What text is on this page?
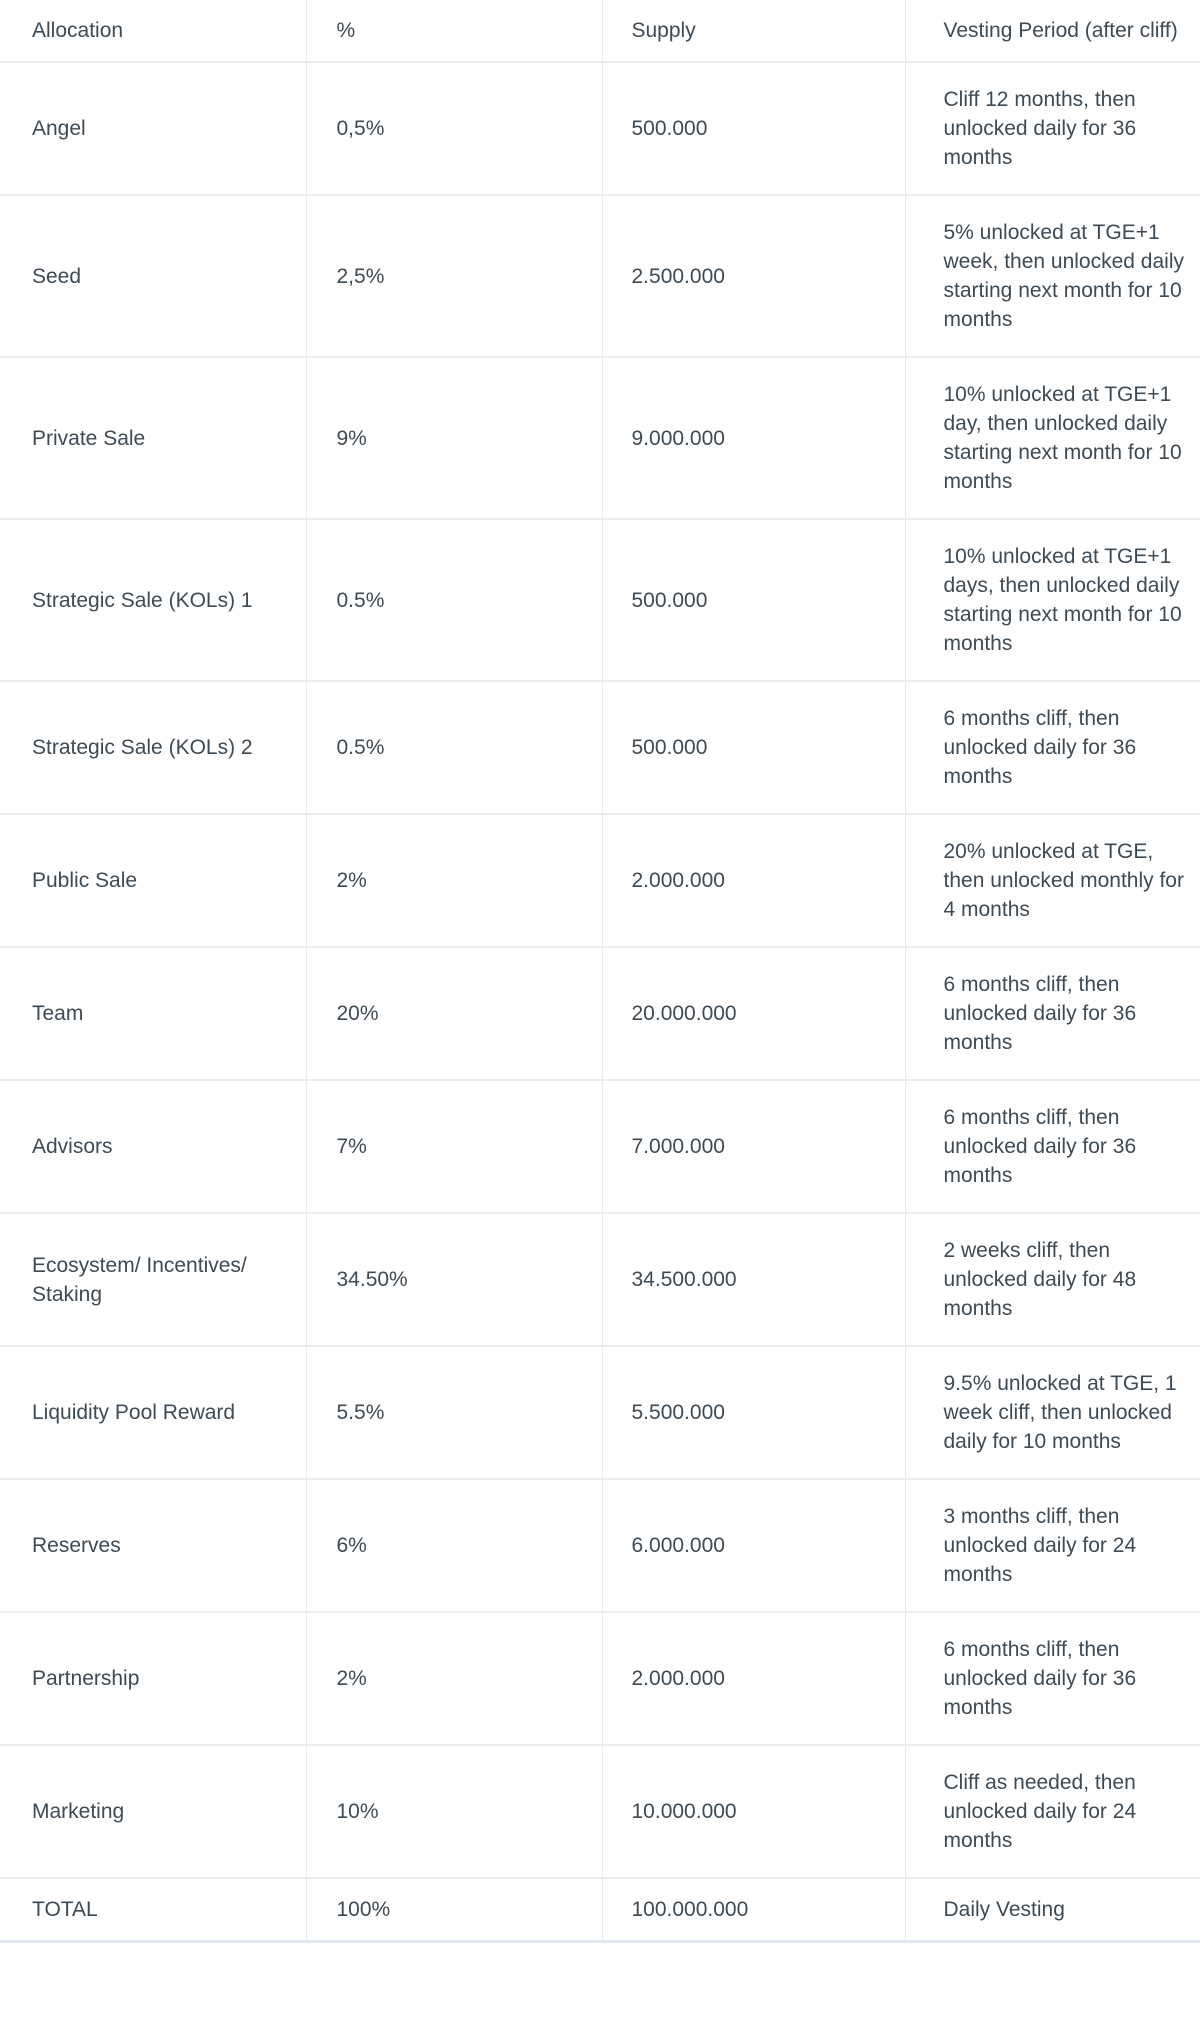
Allocation	%	Supply	Vesting Period (after cliff)
Angel	0,5%	500.000	Cliff 12 months, then unlocked daily for 36 months
Seed	2,5%	2.500.000	5% unlocked at TGE+1 week, then unlocked daily starting next month for 10 months
Private Sale	9%	9.000.000	10% unlocked at TGE+1 day, then unlocked daily starting next month for 10 months
Strategic Sale (KOLs) 1	0.5%	500.000	10% unlocked at TGE+1 days, then unlocked daily starting next month for 10 months
Strategic Sale (KOLs) 2	0.5%	500.000	6 months cliff, then unlocked daily for 36 months
Public Sale	2%	2.000.000	20% unlocked at TGE, then unlocked monthly for 4 months
Team	20%	20.000.000	6 months cliff, then unlocked daily for 36 months
Advisors	7%	7.000.000	6 months cliff, then unlocked daily for 36 months
Ecosystem/ Incentives/ Staking	34.50%	34.500.000	2 weeks cliff, then unlocked daily for 48 months
Liquidity Pool Reward	5.5%	5.500.000	9.5% unlocked at TGE, 1 week cliff, then unlocked daily for 10 months
Reserves	6%	6.000.000	3 months cliff, then unlocked daily for 24 months
Partnership	2%	2.000.000	6 months cliff, then unlocked daily for 36 months
Marketing	10%	10.000.000	Cliff as needed, then unlocked daily for 24 months
TOTAL	100%	100.000.000	Daily Vesting
